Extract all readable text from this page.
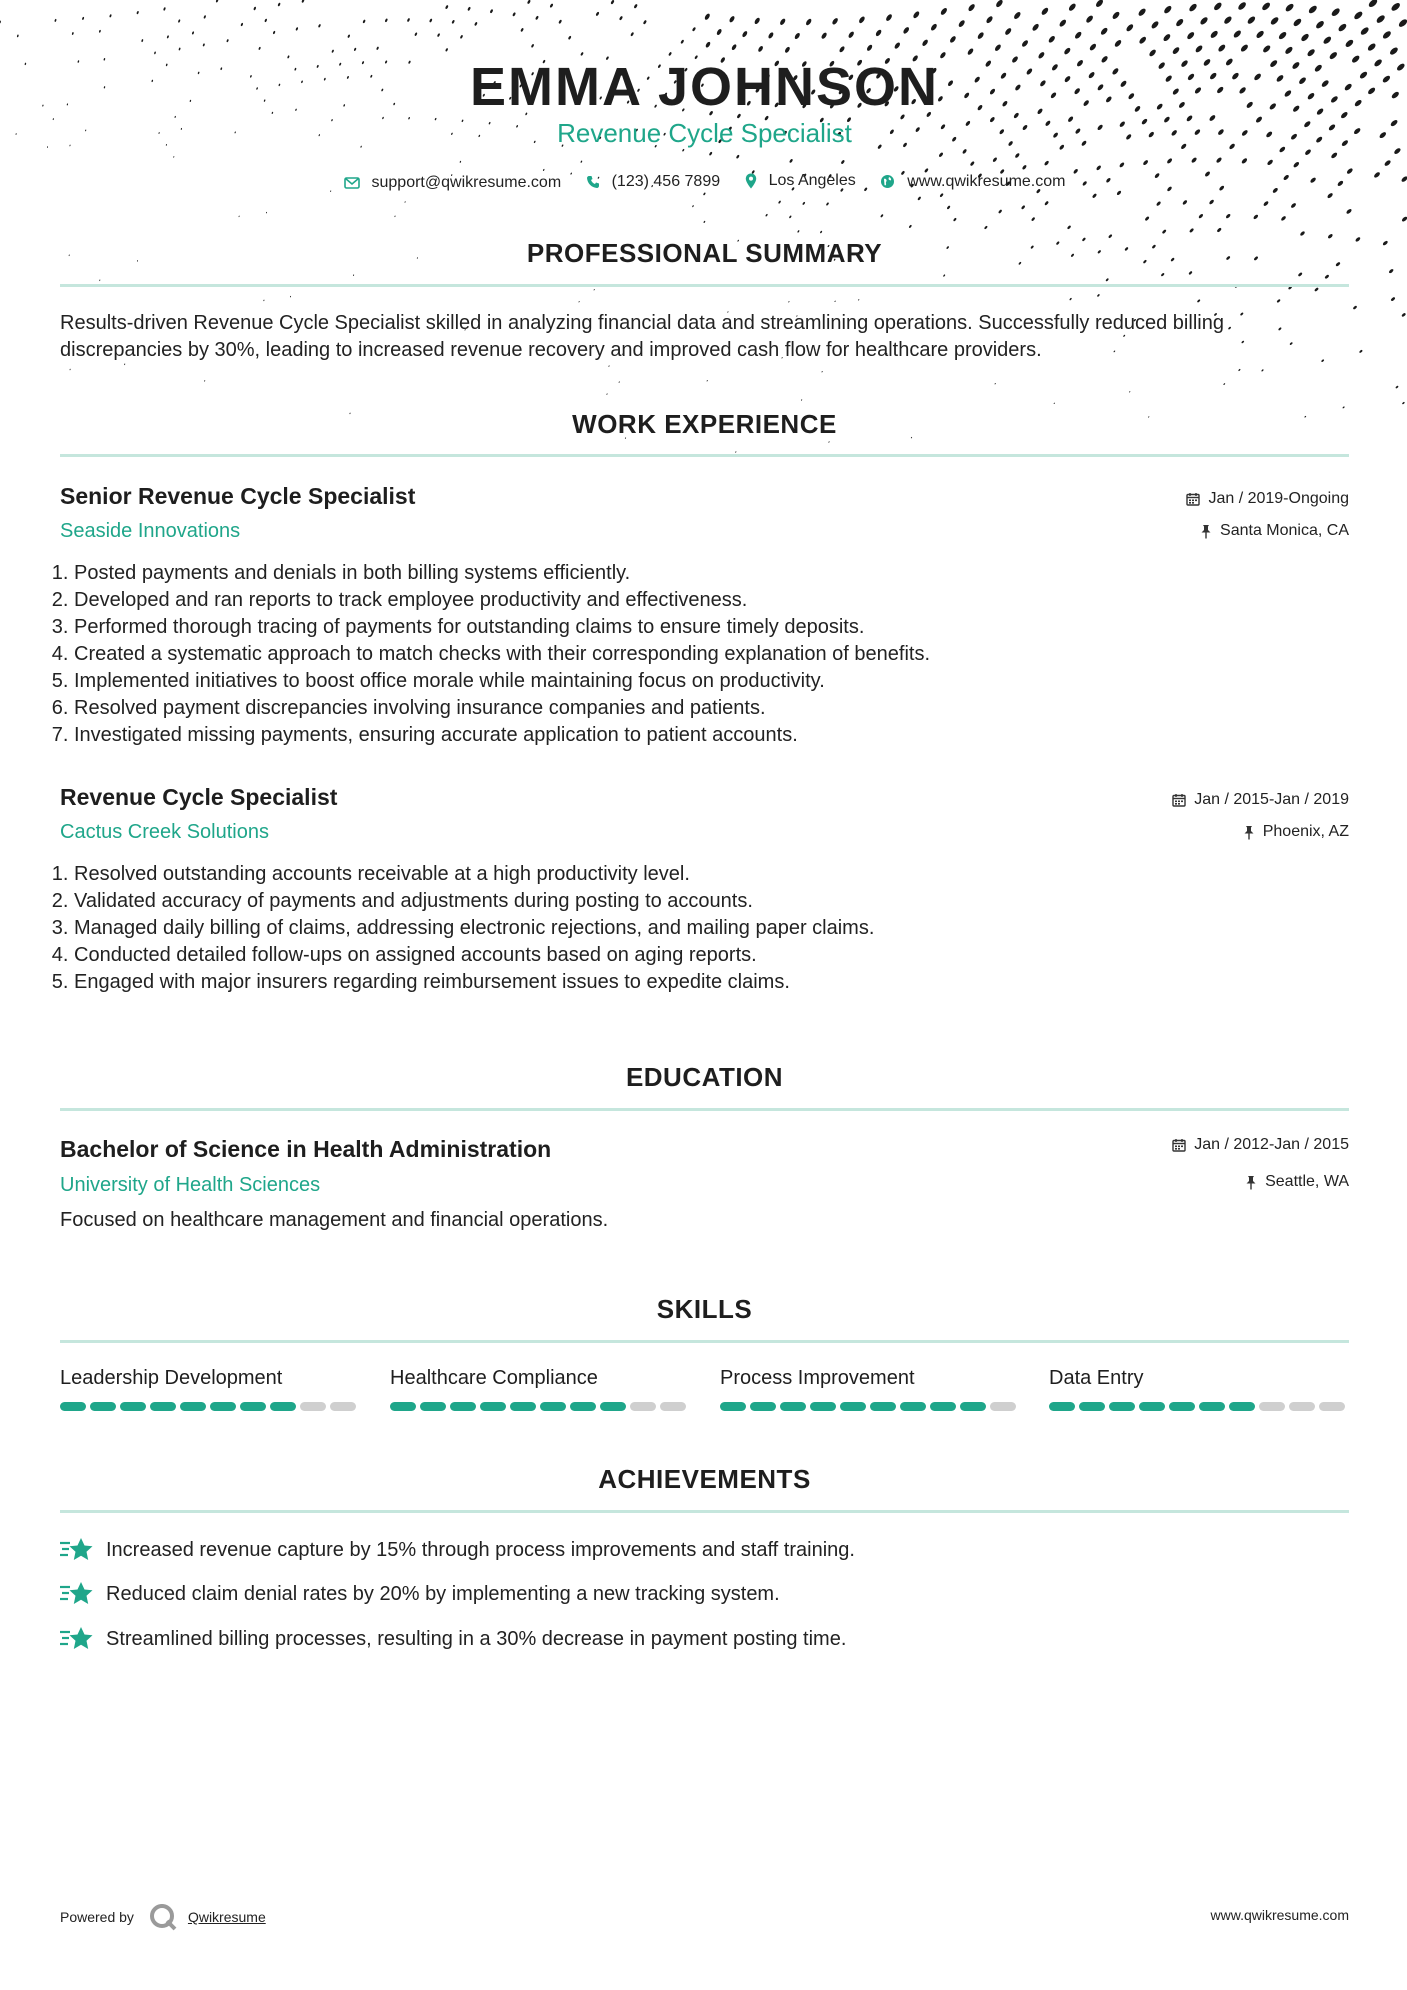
EMMA JOHNSON
Revenue Cycle Specialist
support@qwikresume.com
	(123) 456 7899
	Los Angeles
	www.qwikresume.com
PROFESSIONAL SUMMARY

Results-driven Revenue Cycle Specialist skilled in analyzing financial data and streamlining operations. Successfully reduced billing discrepancies by 30%, leading to increased revenue recovery and improved cash flow for healthcare providers.

WORK EXPERIENCE
Senior Revenue Cycle Specialist
Seaside Innovations
Jan / 2019-Ongoing
Santa Monica, CA
1. Posted payments and denials in both billing systems efficiently.
2. Developed and ran reports to track employee productivity and effectiveness.
3. Performed thorough tracing of payments for outstanding claims to ensure timely deposits.
4. Created a systematic approach to match checks with their corresponding explanation of benefits.
5. Implemented initiatives to boost office morale while maintaining focus on productivity.
6. Resolved payment discrepancies involving insurance companies and patients.
7. Investigated missing payments, ensuring accurate application to patient accounts.
Revenue Cycle Specialist
Cactus Creek Solutions
Jan / 2015-Jan / 2019
Phoenix, AZ
1. Resolved outstanding accounts receivable at a high productivity level.
2. Validated accuracy of payments and adjustments during posting to accounts.
3. Managed daily billing of claims, addressing electronic rejections, and mailing paper claims.
4. Conducted detailed follow-ups on assigned accounts based on aging reports.
5. Engaged with major insurers regarding reimbursement issues to expedite claims.
EDUCATION
Bachelor of Science in Health Administration
University of Health Sciences
Jan / 2012-Jan / 2015
Seattle, WA
Focused on healthcare management and financial operations.
SKILLS
Leadership Development	Healthcare Compliance	Process Improvement	Data Entry
ACHIEVEMENTS
Increased revenue capture by 15% through process improvements and staff training.
Reduced claim denial rates by 20% by implementing a new tracking system.
Streamlined billing processes, resulting in a 30% decrease in payment posting time.
Powered by	Qwikresume	www.qwikresume.com
